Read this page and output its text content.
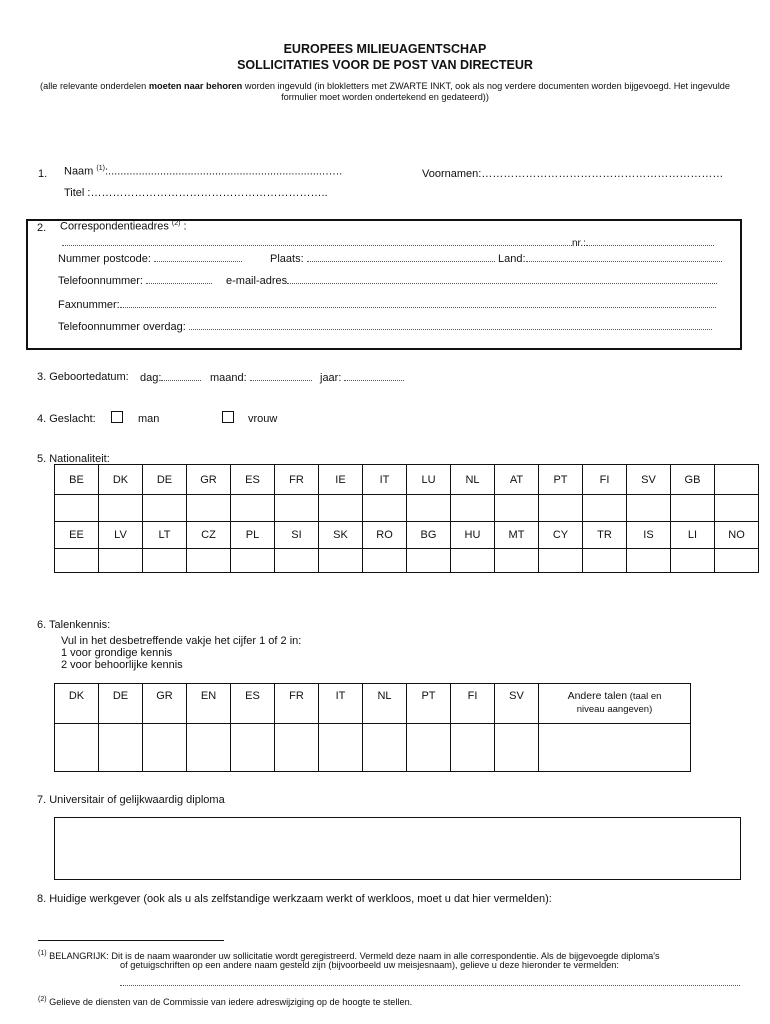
EUROPEES MILIEUAGENTSCHAP
SOLLICITATIES VOOR DE POST VAN DIRECTEUR
(alle relevante onderdelen moeten naar behoren worden ingevuld (in blokletters met ZWARTE INKT, ook als nog verdere documenten worden bijgevoegd. Het ingevulde formulier moet worden ondertekend en gedateerd))
1. Naam $^{(1)}$:.......................................................................…..	Voornamen:…………………………………………………………
Titel :………………………………………………………..
2. Correspondentieadres $^{(2)}$ :
nr.:
Nummer postcode:	Plaats:	Land:
Telefoonnummer:	e-mail-adres
Faxnummer:
Telefoonnummer overdag:
3. Geboortedatum: dag:	maand:	jaar:
4. Geslacht:	man	vrouw
5. Nationaliteit:
BE	DK	DE	GR	ES	FR	IE	IT	LU	NL	AT	PT	FI	SV	GB	

EE	LV	LT	CZ	PL	SI	SK	RO	BG	HU	MT	CY	TR	IS	LI	NO

6. Talenkennis:
Vul in het desbetreffende vakje het cijfer 1 of 2 in:
1 voor grondige kennis
2 voor behoorlijke kennis
DK	DE	GR	EN	ES	FR	IT	NL	PT	FI	SV	Andere talen (taal en
niveau aangeven)

7. Universitair of gelijkwaardig diploma
8. Huidige werkgever (ook als u als zelfstandige werkzaam werkt of werkloos, moet u dat hier vermelden):
$^{(1)}$ BELANGRIJK: Dit is de naam waaronder uw sollicitatie wordt geregistreerd. Vermeld deze naam in alle correspondentie. Als de bijgevoegde diploma's
of getuigschriften op een andere naam gesteld zijn (bijvoorbeeld uw meisjesnaam), gelieve u deze hieronder te vermelden:
$^{(2)}$ Gelieve de diensten van de Commissie van iedere adreswijziging op de hoogte te stellen.
